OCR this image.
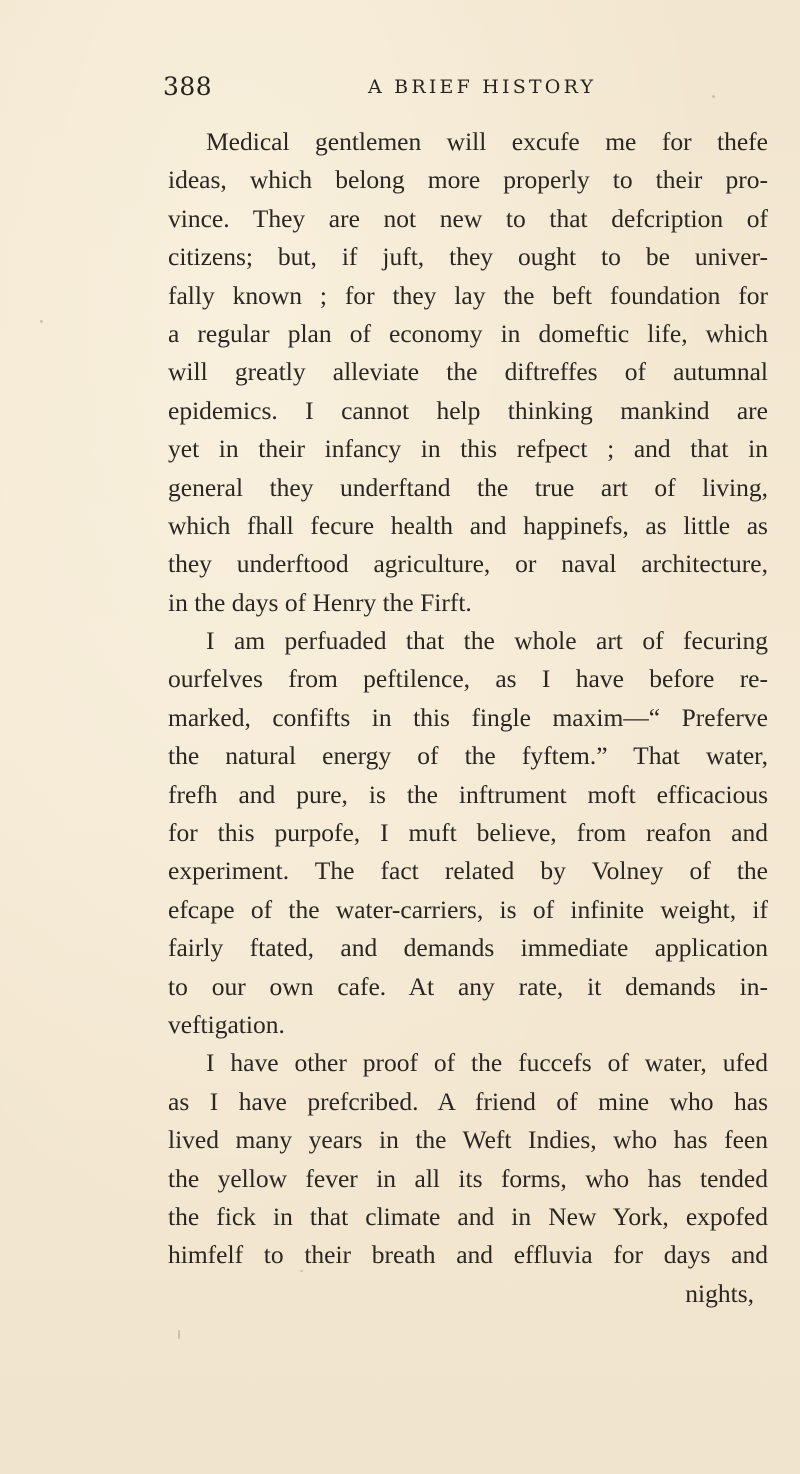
388	A BRIEF HISTORY
Medical gentlemen will excufe me for thefe
ideas, which belong more properly to their pro-
vince. They are not new to that defcription of
citizens; but, if juft, they ought to be univer-
fally known ; for they lay the beft foundation for
a regular plan of economy in domeftic life, which
will greatly alleviate the diftreffes of autumnal
epidemics. I cannot help thinking mankind are
yet in their infancy in this refpect ; and that in
general they underftand the true art of living,
which fhall fecure health and happinefs, as little as
they underftood agriculture, or naval architecture,
in the days of Henry the Firft.
I am perfuaded that the whole art of fecuring
ourfelves from peftilence, as I have before re-
marked, confifts in this fingle maxim—“ Preferve
the natural energy of the fyftem.” That water,
frefh and pure, is the inftrument moft efficacious
for this purpofe, I muft believe, from reafon and
experiment. The fact related by Volney of the
efcape of the water-carriers, is of infinite weight, if
fairly ftated, and demands immediate application
to our own cafe. At any rate, it demands in-
veftigation.
I have other proof of the fuccefs of water, ufed
as I have prefcribed. A friend of mine who has
lived many years in the Weft Indies, who has feen
the yellow fever in all its forms, who has tended
the fick in that climate and in New York, expofed
himfelf to their breath and effluvia for days and
nights,
